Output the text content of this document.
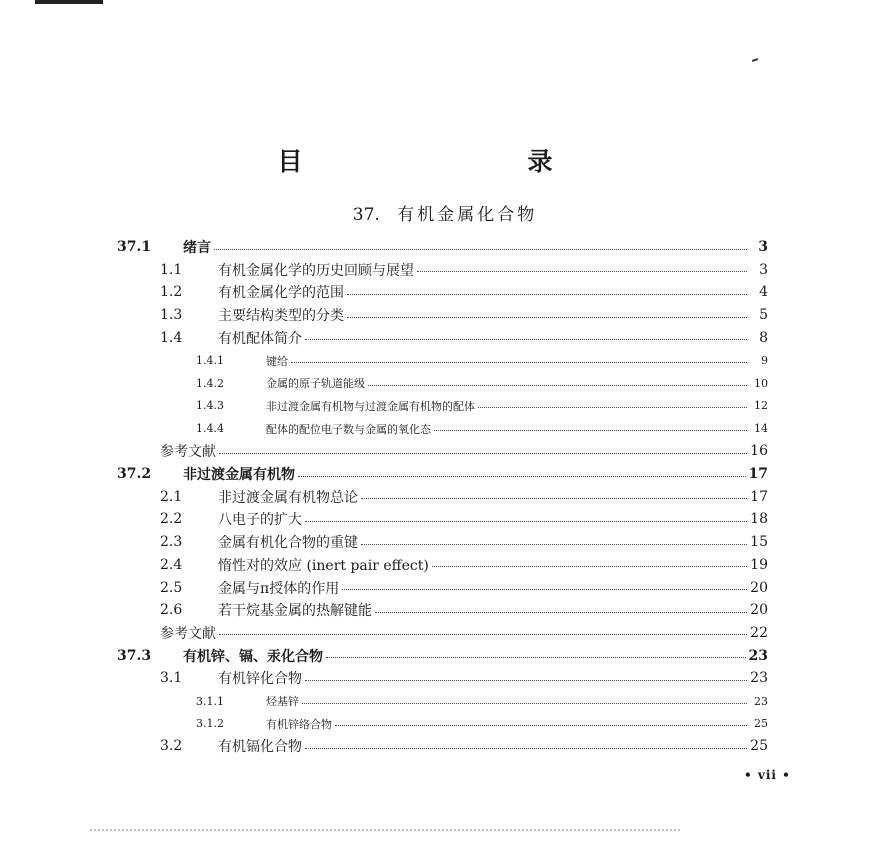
目　录
37. 有机金属化合物
37.1	绪言	3
1.1	有机金属化学的历史回顾与展望	3
1.2	有机金属化学的范围	4
1.3	主要结构类型的分类	5
1.4	有机配体简介	8
1.4.1	键给	9
1.4.2	金属的原子轨道能级	10
1.4.3	非过渡金属有机物与过渡金属有机物的配体	12
1.4.4	配体的配位电子数与金属的氧化态	14
参考文献	16
37.2	非过渡金属有机物	17
2.1	非过渡金属有机物总论	17
2.2	八电子的扩大	18
2.3	金属有机化合物的重键	15
2.4	惰性对的效应 (inert pair effect)	19
2.5	金属与π授体的作用	20
2.6	若干烷基金属的热解键能	20
参考文献	22
37.3	有机锌、镉、汞化合物	23
3.1	有机锌化合物	23
3.1.1	烃基锌	23
3.1.2	有机锌络合物	25
3.2	有机镉化合物	25
• vii •
